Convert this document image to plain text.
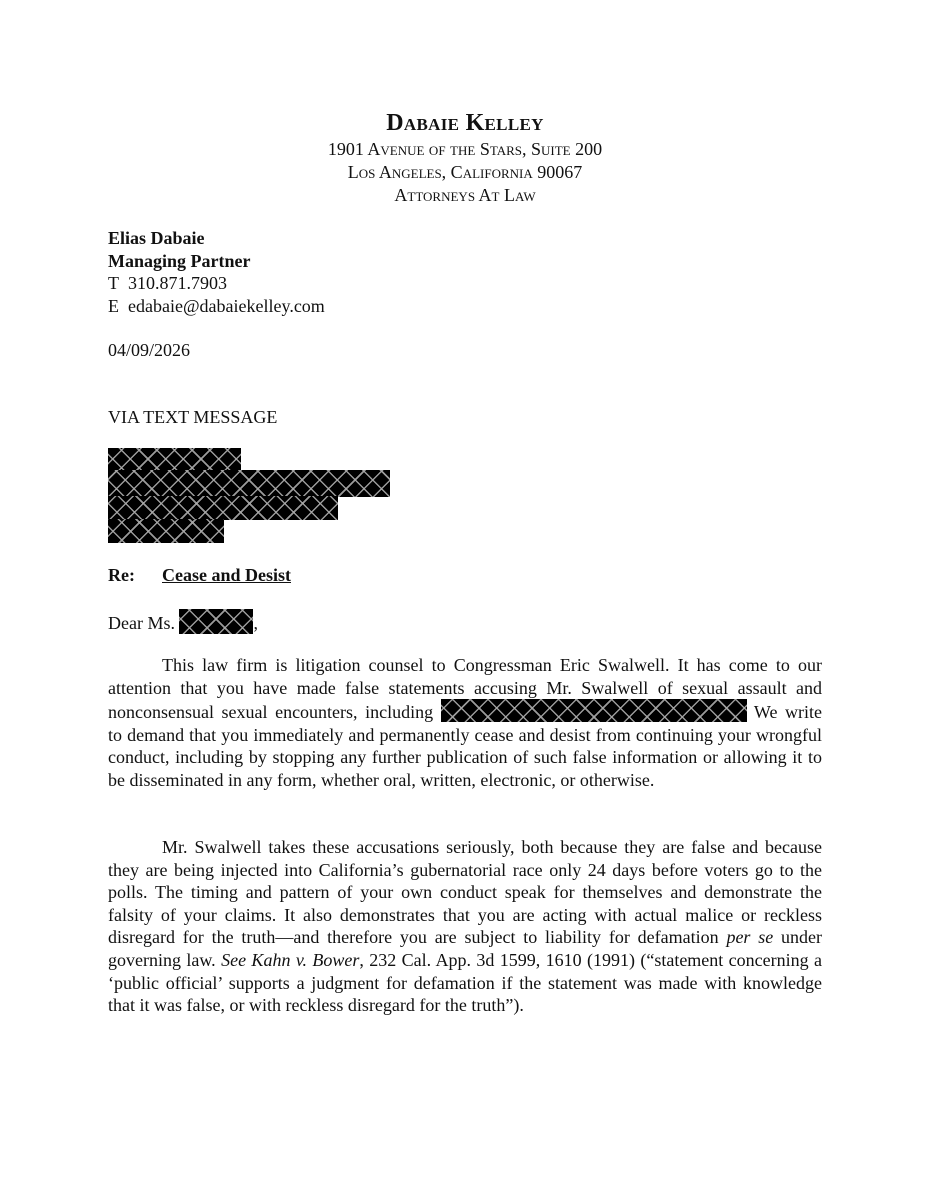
Dabaie Kelley

1901 Avenue of the Stars, Suite 200

Los Angeles, California 90067

Attorneys At Law

Elias Dabaie
Managing Partner
T 310.871.7903
E edabaie@dabaiekelley.com
04/09/2026
VIA TEXT MESSAGE
Re: Cease and Desist
Dear Ms.	,

This law firm is litigation counsel to Congressman Eric Swalwell. It has come to our attention that you have made false statements accusing Mr. Swalwell of sexual assault and nonconsensual sexual encounters, including	We write to demand that you immediately and permanently cease and desist from continuing your wrongful conduct, including by stopping any further publication of such false information or allowing it to be disseminated in any form, whether oral, written, electronic, or otherwise.

Mr. Swalwell takes these accusations seriously, both because they are false and because they are being injected into California’s gubernatorial race only 24 days before voters go to the polls. The timing and pattern of your own conduct speak for themselves and demonstrate the falsity of your claims. It also demonstrates that you are acting with actual malice or reckless disregard for the truth—and therefore you are subject to liability for defamation per se under governing law. See Kahn v. Bower, 232 Cal. App. 3d 1599, 1610 (1991) (“statement concerning a ‘public official’ supports a judgment for defamation if the statement was made with knowledge that it was false, or with reckless disregard for the truth”).
